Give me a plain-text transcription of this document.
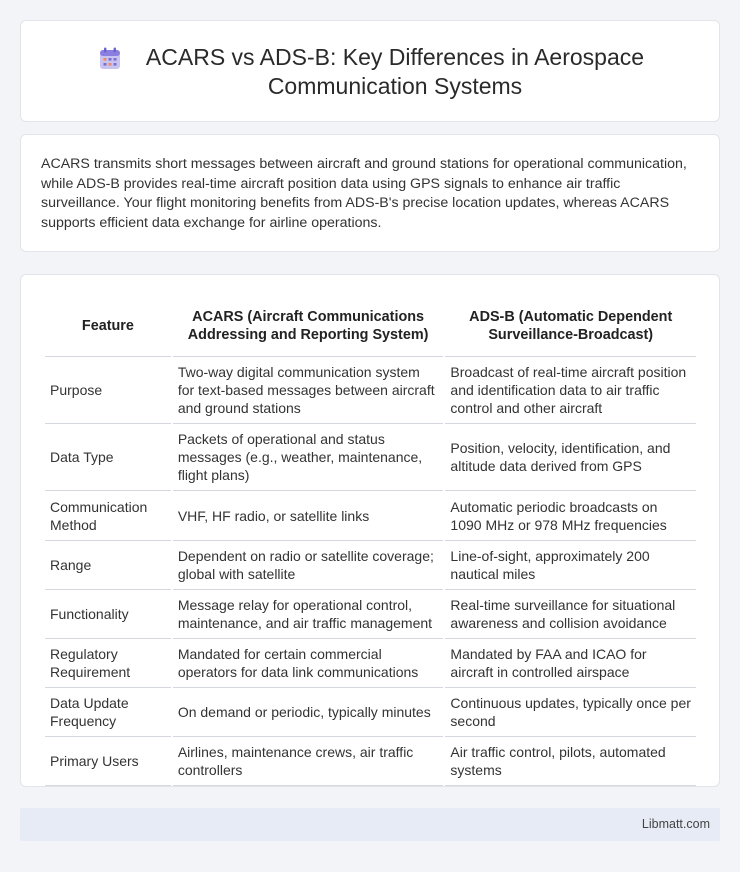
ACARS vs ADS-B: Key Differences in Aerospace Communication Systems

ACARS transmits short messages between aircraft and ground stations for operational communication, while ADS-B provides real-time aircraft position data using GPS signals to enhance air traffic surveillance. Your flight monitoring benefits from ADS-B's precise location updates, whereas ACARS supports efficient data exchange for airline operations.

Feature	ACARS (Aircraft Communications Addressing and Reporting System)	ADS-B (Automatic Dependent Surveillance-Broadcast)
Purpose	Two-way digital communication system for text-based messages between aircraft and ground stations	Broadcast of real-time aircraft position and identification data to air traffic control and other aircraft
Data Type	Packets of operational and status messages (e.g., weather, maintenance, flight plans)	Position, velocity, identification, and altitude data derived from GPS
Communication Method	VHF, HF radio, or satellite links	Automatic periodic broadcasts on 1090 MHz or 978 MHz frequencies
Range	Dependent on radio or satellite coverage; global with satellite	Line-of-sight, approximately 200 nautical miles
Functionality	Message relay for operational control, maintenance, and air traffic management	Real-time surveillance for situational awareness and collision avoidance
Regulatory Requirement	Mandated for certain commercial operators for data link communications	Mandated by FAA and ICAO for aircraft in controlled airspace
Data Update Frequency	On demand or periodic, typically minutes	Continuous updates, typically once per second
Primary Users	Airlines, maintenance crews, air traffic controllers	Air traffic control, pilots, automated systems
Libmatt.com
